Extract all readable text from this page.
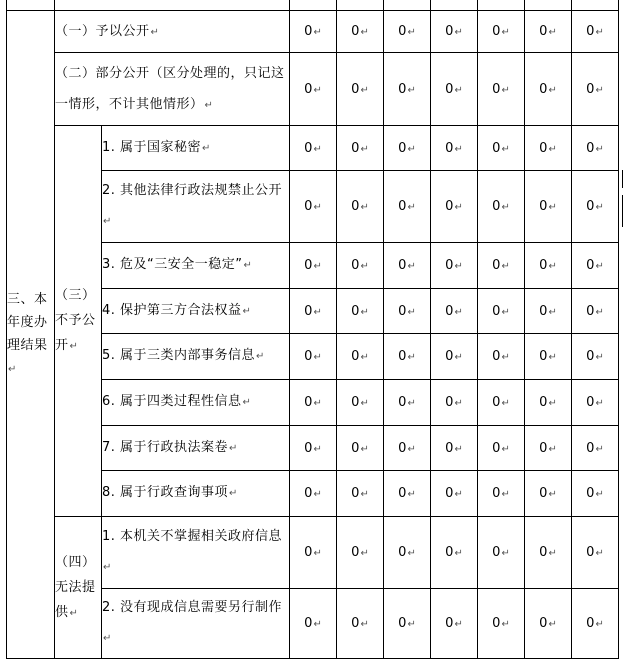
三、本年度办理结果↵	（一）予以公开↵		0↵	0↵	0↵	0↵	0↵	0↵	0↵
	（二）部分公开（区分处理的，只记这一情形，不计其他情形）↵		0↵	0↵	0↵	0↵	0↵	0↵	0↵
	（三）不予公开↵	1. 属于国家秘密↵	0↵	0↵	0↵	0↵	0↵	0↵	0↵
		2. 其他法律行政法规禁止公开↵	0↵	0↵	0↵	0↵	0↵	0↵	0↵
		3. 危及“三安全一稳定”↵	0↵	0↵	0↵	0↵	0↵	0↵	0↵
		4. 保护第三方合法权益↵	0↵	0↵	0↵	0↵	0↵	0↵	0↵
		5. 属于三类内部事务信息↵	0↵	0↵	0↵	0↵	0↵	0↵	0↵
		6. 属于四类过程性信息↵	0↵	0↵	0↵	0↵	0↵	0↵	0↵
		7. 属于行政执法案卷↵	0↵	0↵	0↵	0↵	0↵	0↵	0↵
		8. 属于行政查询事项↵	0↵	0↵	0↵	0↵	0↵	0↵	0↵
	（四）无法提供↵	1. 本机关不掌握相关政府信息↵	0↵	0↵	0↵	0↵	0↵	0↵	0↵
		2. 没有现成信息需要另行制作↵	0↵	0↵	0↵	0↵	0↵	0↵	0↵
